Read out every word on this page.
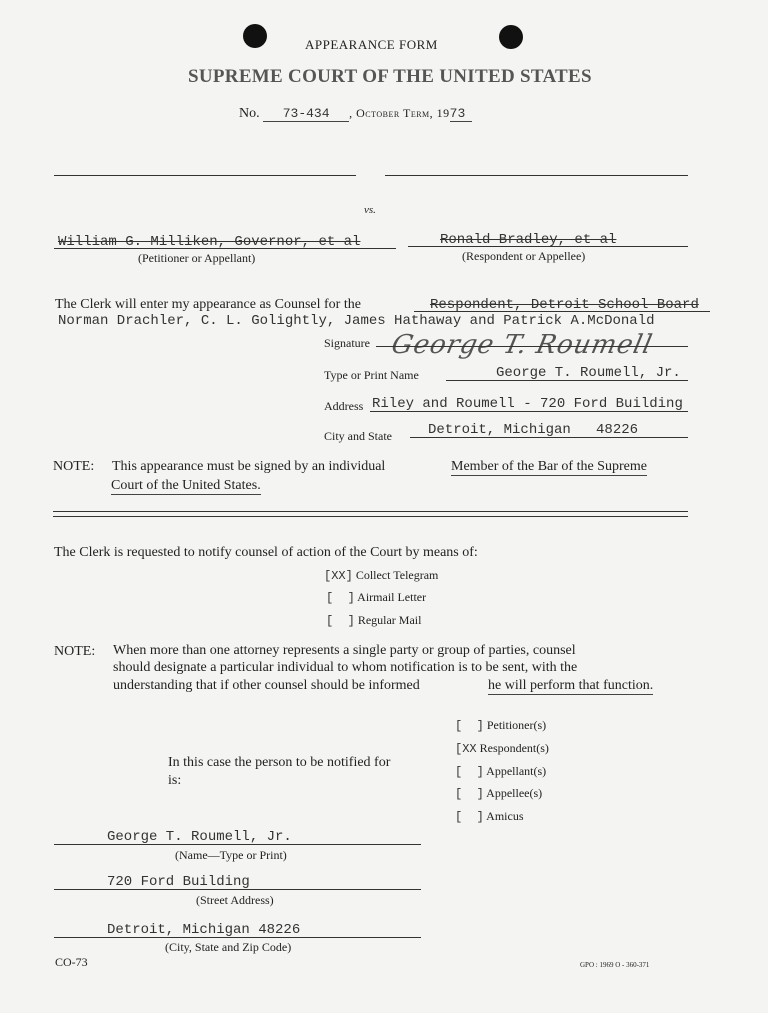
APPEARANCE FORM
SUPREME COURT OF THE UNITED STATES
No. 73-434 , October Term, 1973
vs.
William G. Milliken, Governor, et al	Ronald Bradley, et al
(Petitioner or Appellant)	(Respondent or Appellee)
The Clerk will enter my appearance as Counsel for the	Respondent, Detroit School Board
Norman Drachler, C. L. Golightly, James Hathaway and Patrick A.McDonald
Signature George T. Roumell
Type or Print Name	George T. Roumell, Jr.
Address Riley and Roumell - 720 Ford Building
City and State	Detroit, Michigan   48226
NOTE: This appearance must be signed by an individual	Member of the Bar of the Supreme
Court of the United States.
The Clerk is requested to notify counsel of action of the Court by means of:
[XX] Collect Telegram
[  ] Airmail Letter
[  ] Regular Mail
NOTE: When more than one attorney represents a single party or group of parties, counsel
should designate a particular individual to whom notification is to be sent, with the
understanding that if other counsel should be informed	he will perform that function.
In this case the person to be notified for
is:
[  ] Petitioner(s)
[XX Respondent(s)
[  ] Appellant(s)
[  ] Appellee(s)
[  ] Amicus
George T. Roumell, Jr.
(Name—Type or Print)
720 Ford Building
(Street Address)
Detroit, Michigan 48226
(City, State and Zip Code)
CO-73	GPO : 1969 O - 360-371
